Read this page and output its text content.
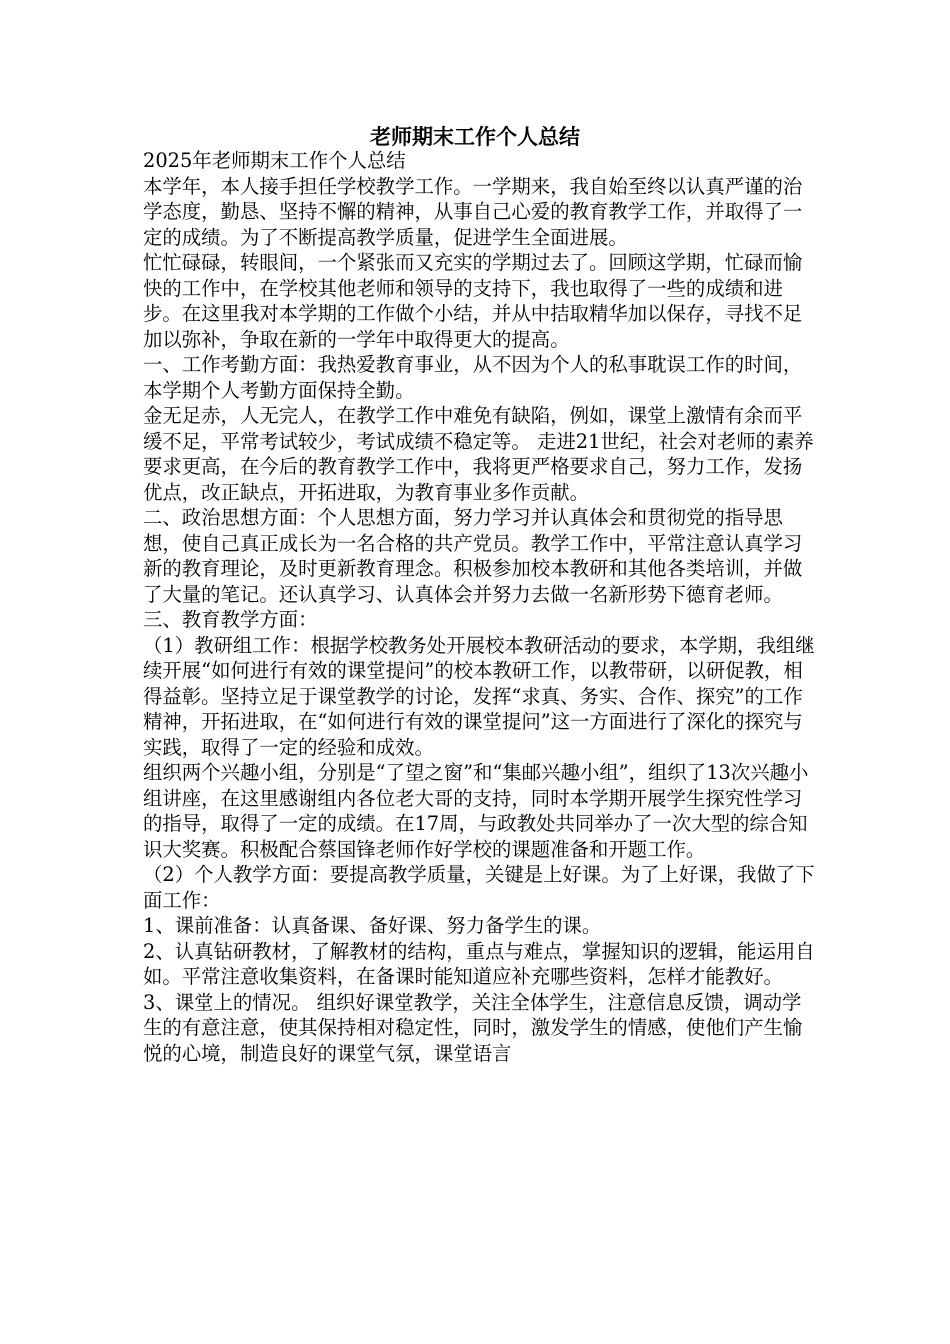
老师期末工作个人总结

2025年老师期末工作个人总结

本学年，本人接手担任学校教学工作。一学期来，我自始至终以认真严谨的治学态度，勤恳、坚持不懈的精神，从事自己心爱的教育教学工作，并取得了一定的成绩。为了不断提高教学质量，促进学生全面进展。

忙忙碌碌，转眼间，一个紧张而又充实的学期过去了。回顾这学期，忙碌而愉快的工作中，在学校其他老师和领导的支持下，我也取得了一些的成绩和进步。在这里我对本学期的工作做个小结，并从中拮取精华加以保存，寻找不足加以弥补，争取在新的一学年中取得更大的提高。

一、工作考勤方面：我热爱教育事业，从不因为个人的私事耽误工作的时间，本学期个人考勤方面保持全勤。

金无足赤，人无完人，在教学工作中难免有缺陷，例如，课堂上激情有余而平缓不足，平常考试较少，考试成绩不稳定等。 走进21世纪，社会对老师的素养要求更高，在今后的教育教学工作中，我将更严格要求自己，努力工作，发扬优点，改正缺点，开拓进取，为教育事业多作贡献。

二、政治思想方面：个人思想方面，努力学习并认真体会和贯彻党的指导思想，使自己真正成长为一名合格的共产党员。教学工作中，平常注意认真学习新的教育理论，及时更新教育理念。积极参加校本教研和其他各类培训，并做了大量的笔记。还认真学习、认真体会并努力去做一名新形势下德育老师。

三、教育教学方面：

（1）教研组工作：根据学校教务处开展校本教研活动的要求，本学期，我组继续开展“如何进行有效的课堂提问”的校本教研工作，以教带研，以研促教，相得益彰。坚持立足于课堂教学的讨论，发挥“求真、务实、合作、探究”的工作精神，开拓进取，在“如何进行有效的课堂提问”这一方面进行了深化的探究与实践，取得了一定的经验和成效。

组织两个兴趣小组，分别是“了望之窗”和“集邮兴趣小组”，组织了13次兴趣小组讲座，在这里感谢组内各位老大哥的支持，同时本学期开展学生探究性学习的指导，取得了一定的成绩。在17周，与政教处共同举办了一次大型的综合知识大奖赛。积极配合蔡国锋老师作好学校的课题准备和开题工作。

（2）个人教学方面：要提高教学质量，关键是上好课。为了上好课，我做了下面工作：

1、课前准备：认真备课、备好课、努力备学生的课。

2、认真钻研教材，了解教材的结构，重点与难点，掌握知识的逻辑，能运用自如。平常注意收集资料，在备课时能知道应补充哪些资料，怎样才能教好。

3、课堂上的情况。 组织好课堂教学，关注全体学生，注意信息反馈，调动学生的有意注意，使其保持相对稳定性，同时，激发学生的情感，使他们产生愉悦的心境，制造良好的课堂气氛，课堂语言
